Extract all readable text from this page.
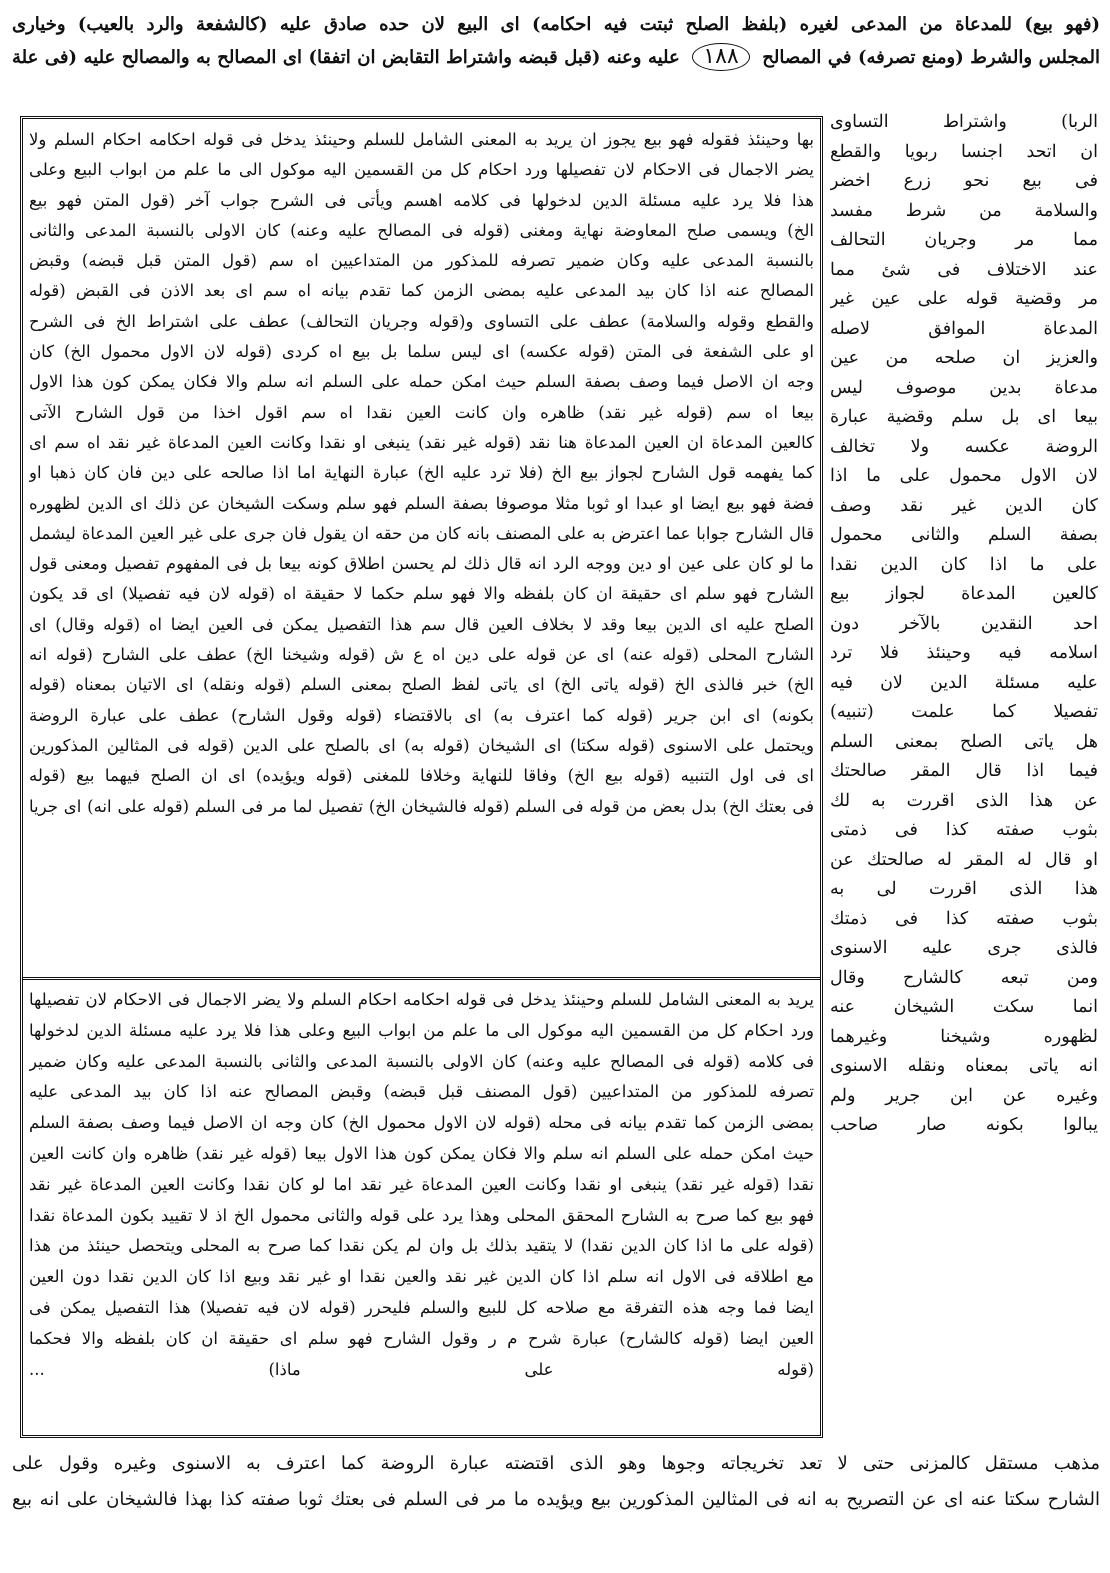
(فهو بيع) للمدعاة من المدعى لغيره (بلفظ الصلح ثبتت فيه احكامه) اى البيع لان حده صادق عليه (كالشفعة والرد بالعيب) وخيارى
المجلس والشرط (ومنع تصرفه) في المصالح ١٨٨ عليه وعنه (قبل قبضه واشتراط التقابض ان اتفقا) اى المصالح به والمصالح عليه (فى علة
الربا) واشتراط التساوى
ان اتحد اجنسا ربويا والقطع
فى بيع نحو زرع اخضر
والسلامة من شرط مفسد
مما مر وجريان التحالف
عند الاختلاف فى شئ مما
مر وقضية قوله على عين غير
المدعاة الموافق لاصله
والعزيز ان صلحه من عين
مدعاة بدين موصوف ليس
بيعا اى بل سلم وقضية عبارة
الروضة عكسه ولا تخالف
لان الاول محمول على ما اذا
كان الدين غير نقد وصف
بصفة السلم والثانى محمول
على ما اذا كان الدين نقدا
كالعين المدعاة لجواز بيع
احد النقدين بالآخر دون
اسلامه فيه وحينئذ فلا ترد
عليه مسئلة الدين لان فيه
تفصيلا كما علمت (تنبيه)
هل ياتى الصلح بمعنى السلم
فيما اذا قال المقر صالحتك
عن هذا الذى اقررت به لك
بثوب صفته كذا فى ذمتى
او قال له المقر له صالحتك عن
هذا الذى اقررت لى به
بثوب صفته كذا فى ذمتك
فالذى جرى عليه الاسنوى
ومن تبعه كالشارح وقال
انما سكت الشيخان عنه
لظهوره وشيخنا وغيرهما
انه ياتى بمعناه ونقله الاسنوى
وغيره عن ابن جرير ولم
يبالوا بكونه صار صاحب
بها وحينئذ فقوله فهو بيع يجوز ان يريد به المعنى الشامل للسلم وحينئذ يدخل فى قوله احكامه احكام السلم ولا
يضر الاجمال فى الاحكام لان تفصيلها ورد احكام كل من القسمين اليه موكول الى ما علم من ابواب البيع وعلى
هذا فلا يرد عليه مسئلة الدين لدخولها فى كلامه اهسم ويأتى فى الشرح جواب آخر (قول المتن فهو بيع
الخ) ويسمى صلح المعاوضة نهاية ومغنى (قوله فى المصالح عليه وعنه) كان الاولى بالنسبة المدعى والثانى
بالنسبة المدعى عليه وكان ضمير تصرفه للمذكور من المتداعيين اه سم (قول المتن قبل قبضه) وقبض
المصالح عنه اذا كان بيد المدعى عليه بمضى الزمن كما تقدم بيانه اه سم اى بعد الاذن فى القبض (قوله
والقطع وقوله والسلامة) عطف على التساوى و(قوله وجريان التحالف) عطف على اشتراط الخ فى الشرح
او على الشفعة فى المتن (قوله عكسه) اى ليس سلما بل بيع اه كردى (قوله لان الاول محمول الخ) كان
وجه ان الاصل فيما وصف بصفة السلم حيث امكن حمله على السلم انه سلم والا فكان يمكن كون هذا الاول
بيعا اه سم (قوله غير نقد) ظاهره وان كانت العين نقدا اه سم اقول اخذا من قول الشارح الآتى
كالعين المدعاة ان العين المدعاة هنا نقد (قوله غير نقد) ينبغى او نقدا وكانت العين المدعاة غير نقد اه سم اى
كما يفهمه قول الشارح لجواز بيع الخ (فلا ترد عليه الخ) عبارة النهاية اما اذا صالحه على دين فان كان ذهبا او
فضة فهو بيع ايضا او عبدا او ثوبا مثلا موصوفا بصفة السلم فهو سلم وسكت الشيخان عن ذلك اى الدين لظهوره
قال الشارح جوابا عما اعترض به على المصنف بانه كان من حقه ان يقول فان جرى على غير العين المدعاة ليشمل
ما لو كان على عين او دين ووجه الرد انه قال ذلك لم يحسن اطلاق كونه بيعا بل فى المفهوم تفصيل ومعنى قول
الشارح فهو سلم اى حقيقة ان كان بلفظه والا فهو سلم حكما لا حقيقة اه (قوله لان فيه تفصيلا) اى قد يكون
الصلح عليه اى الدين بيعا وقد لا بخلاف العين قال سم هذا التفصيل يمكن فى العين ايضا اه (قوله وقال) اى
الشارح المحلى (قوله عنه) اى عن قوله على دين اه ع ش (قوله وشيخنا الخ) عطف على الشارح (قوله انه
الخ) خبر فالذى الخ (قوله ياتى الخ) اى ياتى لفظ الصلح بمعنى السلم (قوله ونقله) اى الاتيان بمعناه (قوله
بكونه) اى ابن جرير (قوله كما اعترف به) اى بالاقتضاء (قوله وقول الشارح) عطف على عبارة الروضة
ويحتمل على الاسنوى (قوله سكتا) اى الشيخان (قوله به) اى بالصلح على الدين (قوله فى المثالين المذكورين
اى فى اول التنبيه (قوله بيع الخ) وفاقا للنهاية وخلافا للمغنى (قوله ويؤيده) اى ان الصلح فيهما بيع (قوله
فى بعتك الخ) بدل بعض من قوله فى السلم (قوله فالشيخان الخ) تفصيل لما مر فى السلم (قوله على انه) اى جريا
يريد به المعنى الشامل للسلم وحينئذ يدخل فى قوله احكامه احكام السلم ولا يضر الاجمال فى الاحكام لان تفصيلها
ورد احكام كل من القسمين اليه موكول الى ما علم من ابواب البيع وعلى هذا فلا يرد عليه مسئلة الدين لدخولها
فى كلامه (قوله فى المصالح عليه وعنه) كان الاولى بالنسبة المدعى والثانى بالنسبة المدعى عليه وكان ضمير
تصرفه للمذكور من المتداعيين (قول المصنف قبل قبضه) وقبض المصالح عنه اذا كان بيد المدعى عليه
بمضى الزمن كما تقدم بيانه فى محله (قوله لان الاول محمول الخ) كان وجه ان الاصل فيما وصف بصفة السلم
حيث امكن حمله على السلم انه سلم والا فكان يمكن كون هذا الاول بيعا (قوله غير نقد) ظاهره وان كانت العين
نقدا (قوله غير نقد) ينبغى او نقدا وكانت العين المدعاة غير نقد اما لو كان نقدا وكانت العين المدعاة غير نقد
فهو بيع كما صرح به الشارح المحقق المحلى وهذا يرد على قوله والثانى محمول الخ اذ لا تقييد بكون المدعاة نقدا
(قوله على ما اذا كان الدين نقدا) لا يتقيد بذلك بل وان لم يكن نقدا كما صرح به المحلى ويتحصل حينئذ من هذا
مع اطلاقه فى الاول انه سلم اذا كان الدين غير نقد والعين نقدا او غير نقد وبيع اذا كان الدين نقدا دون العين
ايضا فما وجه هذه التفرقة مع صلاحه كل للبيع والسلم فليحرر (قوله لان فيه تفصيلا) هذا التفصيل يمكن فى
العين ايضا (قوله كالشارح) عبارة شرح م ر وقول الشارح فهو سلم اى حقيقة ان كان بلفظه والا فحكما
(قوله على ماذا) ...
مذهب مستقل كالمزنى حتى لا تعد تخريجاته وجوها وهو الذى اقتضته عبارة الروضة كما اعترف به الاسنوى وغيره وقول على
الشارح سكتا عنه اى عن التصريح به انه فى المثالين المذكورين بيع ويؤيده ما مر فى السلم فى بعتك ثوبا صفته كذا بهذا فالشيخان على انه بيع
